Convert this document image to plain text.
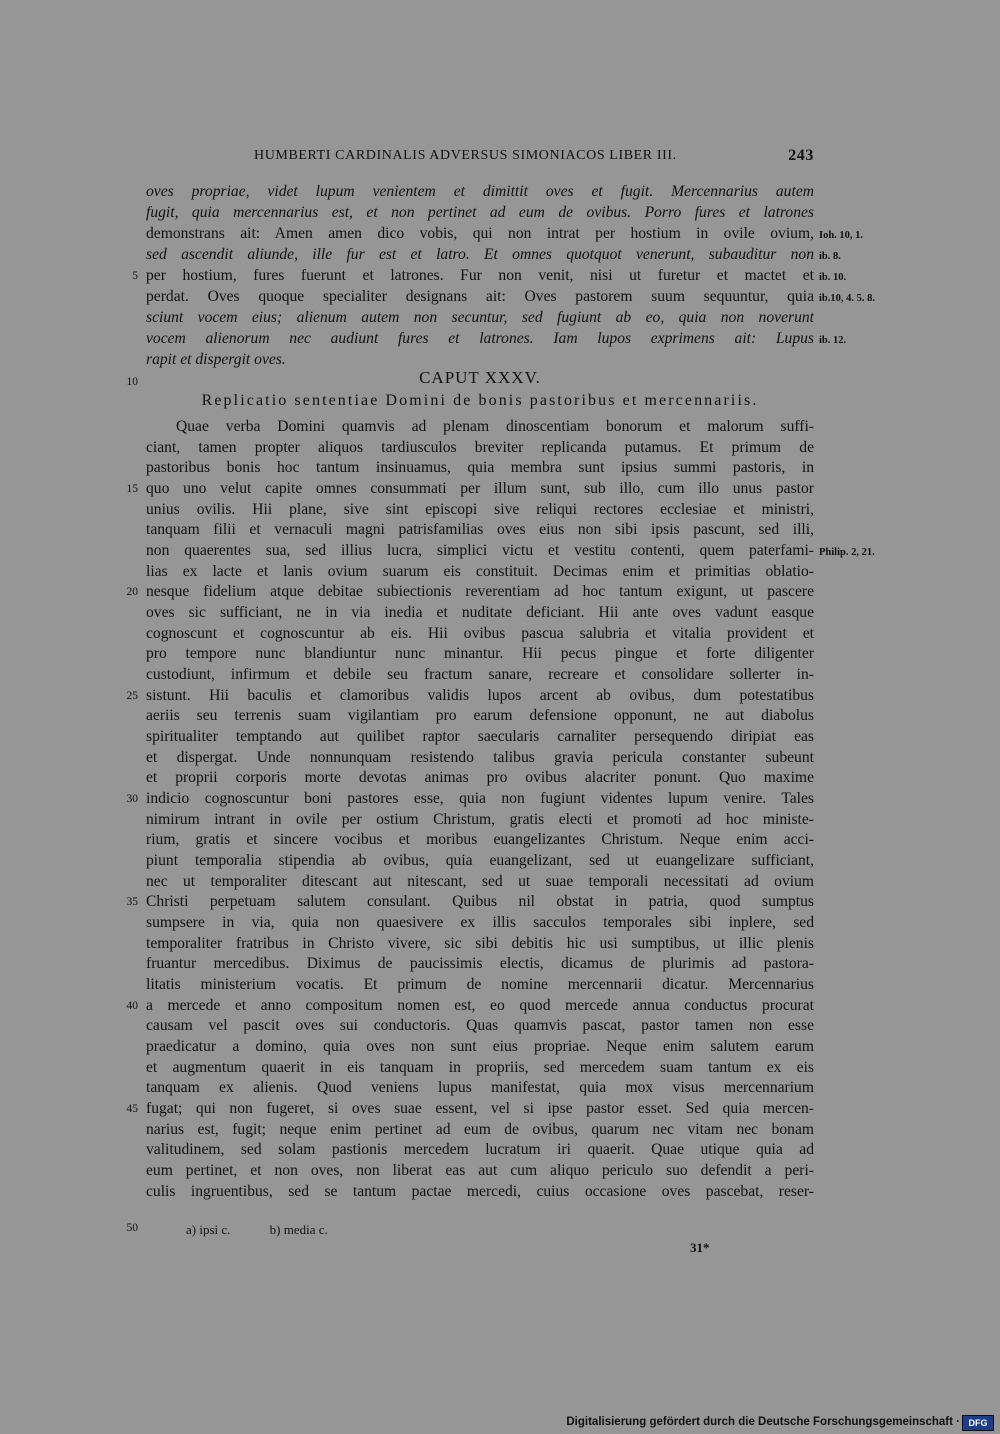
HUMBERTI CARDINALIS ADVERSUS SIMONIACOS LIBER III.	243
oves propriae, videt lupum venientem et dimittit oves et fugit. Mercennarius autem
fugit, quia mercennarius est, et non pertinet ad eum de ovibus. Porro fures et latrones
demonstrans ait: Amen amen dico vobis, qui non intrat per hostium in ovile ovium,
sed ascendit aliunde, ille fur est et latro. Et omnes quotquot venerunt, subauditur non
per hostium, fures fuerunt et latrones. Fur non venit, nisi ut furetur et mactet et
perdat. Oves quoque specialiter designans ait: Oves pastorem suum sequuntur, quia
sciunt vocem eius; alienum autem non secuntur, sed fugiunt ab eo, quia non noverunt
vocem alienorum nec audiunt fures et latrones. Iam lupos exprimens ait: Lupus
rapit et dispergit oves.
CAPUT XXXV.
Replicatio sententiae Domini de bonis pastoribus et mercennariis.
Quae verba Domini quamvis ad plenam dinoscentiam bonorum et malorum suffi-
ciant, tamen propter aliquos tardiusculos breviter replicanda putamus. Et primum de
pastoribus bonis hoc tantum insinuamus, quia membra sunt ipsius summi pastoris, in
quo uno velut capite omnes consummati per illum sunt, sub illo, cum illo unus pastor
unius ovilis. Hii plane, sive sint episcopi sive reliqui rectores ecclesiae et ministri,
tanquam filii et vernaculi magni patrisfamilias oves eius non sibi ipsis pascunt, sed illi,
non quaerentes sua, sed illius lucra, simplici victu et vestitu contenti, quem paterfami-
lias ex lacte et lanis ovium suarum eis constituit. Decimas enim et primitias oblatio-
nesque fidelium atque debitae subiectionis reverentiam ad hoc tantum exigunt, ut pascere
oves sic sufficiant, ne in via inedia et nuditate deficiant. Hii ante oves vadunt easque
cognoscunt et cognoscuntur ab eis. Hii ovibus pascua salubria et vitalia provident et
pro tempore nunc blandiuntur nunc minantur. Hii pecus pingue et forte diligenter
custodiunt, infirmum et debile seu fractum sanare, recreare et consolidare sollerter in-
sistunt. Hii baculis et clamoribus validis lupos arcent ab ovibus, dum potestatibus
aeriis seu terrenis suam vigilantiam pro earum defensione opponunt, ne aut diabolus
spiritualiter temptando aut quilibet raptor saecularis carnaliter persequendo diripiat eas
et dispergat. Unde nonnunquam resistendo talibus gravia pericula constanter subeunt
et proprii corporis morte devotas animas pro ovibus alacriter ponunt. Quo maxime
indicio cognoscuntur boni pastores esse, quia non fugiunt videntes lupum venire. Tales
nimirum intrant in ovile per ostium Christum, gratis electi et promoti ad hoc ministe-
rium, gratis et sincere vocibus et moribus euangelizantes Christum. Neque enim acci-
piunt temporalia stipendia ab ovibus, quia euangelizant, sed ut euangelizare sufficiant,
nec ut temporaliter ditescant aut nitescant, sed ut suae temporali necessitati ad ovium
Christi perpetuam salutem consulant. Quibus nil obstat in patria, quod sumptus
sumpsere in via, quia non quaesivere ex illis sacculos temporales sibi inplere, sed
temporaliter fratribus in Christo vivere, sic sibi debitis hic usi sumptibus, ut illic plenis
fruantur mercedibus. Diximus de paucissimis electis, dicamus de plurimis ad pastora-
litatis ministerium vocatis. Et primum de nomine mercennarii dicatur. Mercennarius
a mercede et anno compositum nomen est, eo quod mercede annua conductus procurat
causam vel pascit oves sui conductoris. Quas quamvis pascat, pastor tamen non esse
praedicatur a domino, quia oves non sunt eius propriae. Neque enim salutem earum
et augmentum quaerit in eis tanquam in propriis, sed mercedem suam tantum ex eis
tanquam ex alienis. Quod veniens lupus manifestat, quia mox visus mercennarium
fugat; qui non fugeret, si oves suae essent, vel si ipse pastor esset. Sed quia mercen-
narius est, fugit; neque enim pertinet ad eum de ovibus, quarum nec vitam nec bonam
valitudinem, sed solam pastionis mercedem lucratum iri quaerit. Quae utique quia ad
eum pertinet, et non oves, non liberat eas aut cum aliquo periculo suo defendit a peri-
culis ingruentibus, sed se tantum pactae mercedi, cuius occasione oves pascebat, reser-
5
10
15
20
25
30
35
40
45
50
Ioh. 10, 1.
ib. 8.
ib. 10.
ib.10, 4. 5. 8.
ib. 12.
Philip. 2, 21.
a) ipsi c.	b) media c.
31*
Digitalisierung gefördert durch die Deutsche Forschungsgemeinschaft · DFG
